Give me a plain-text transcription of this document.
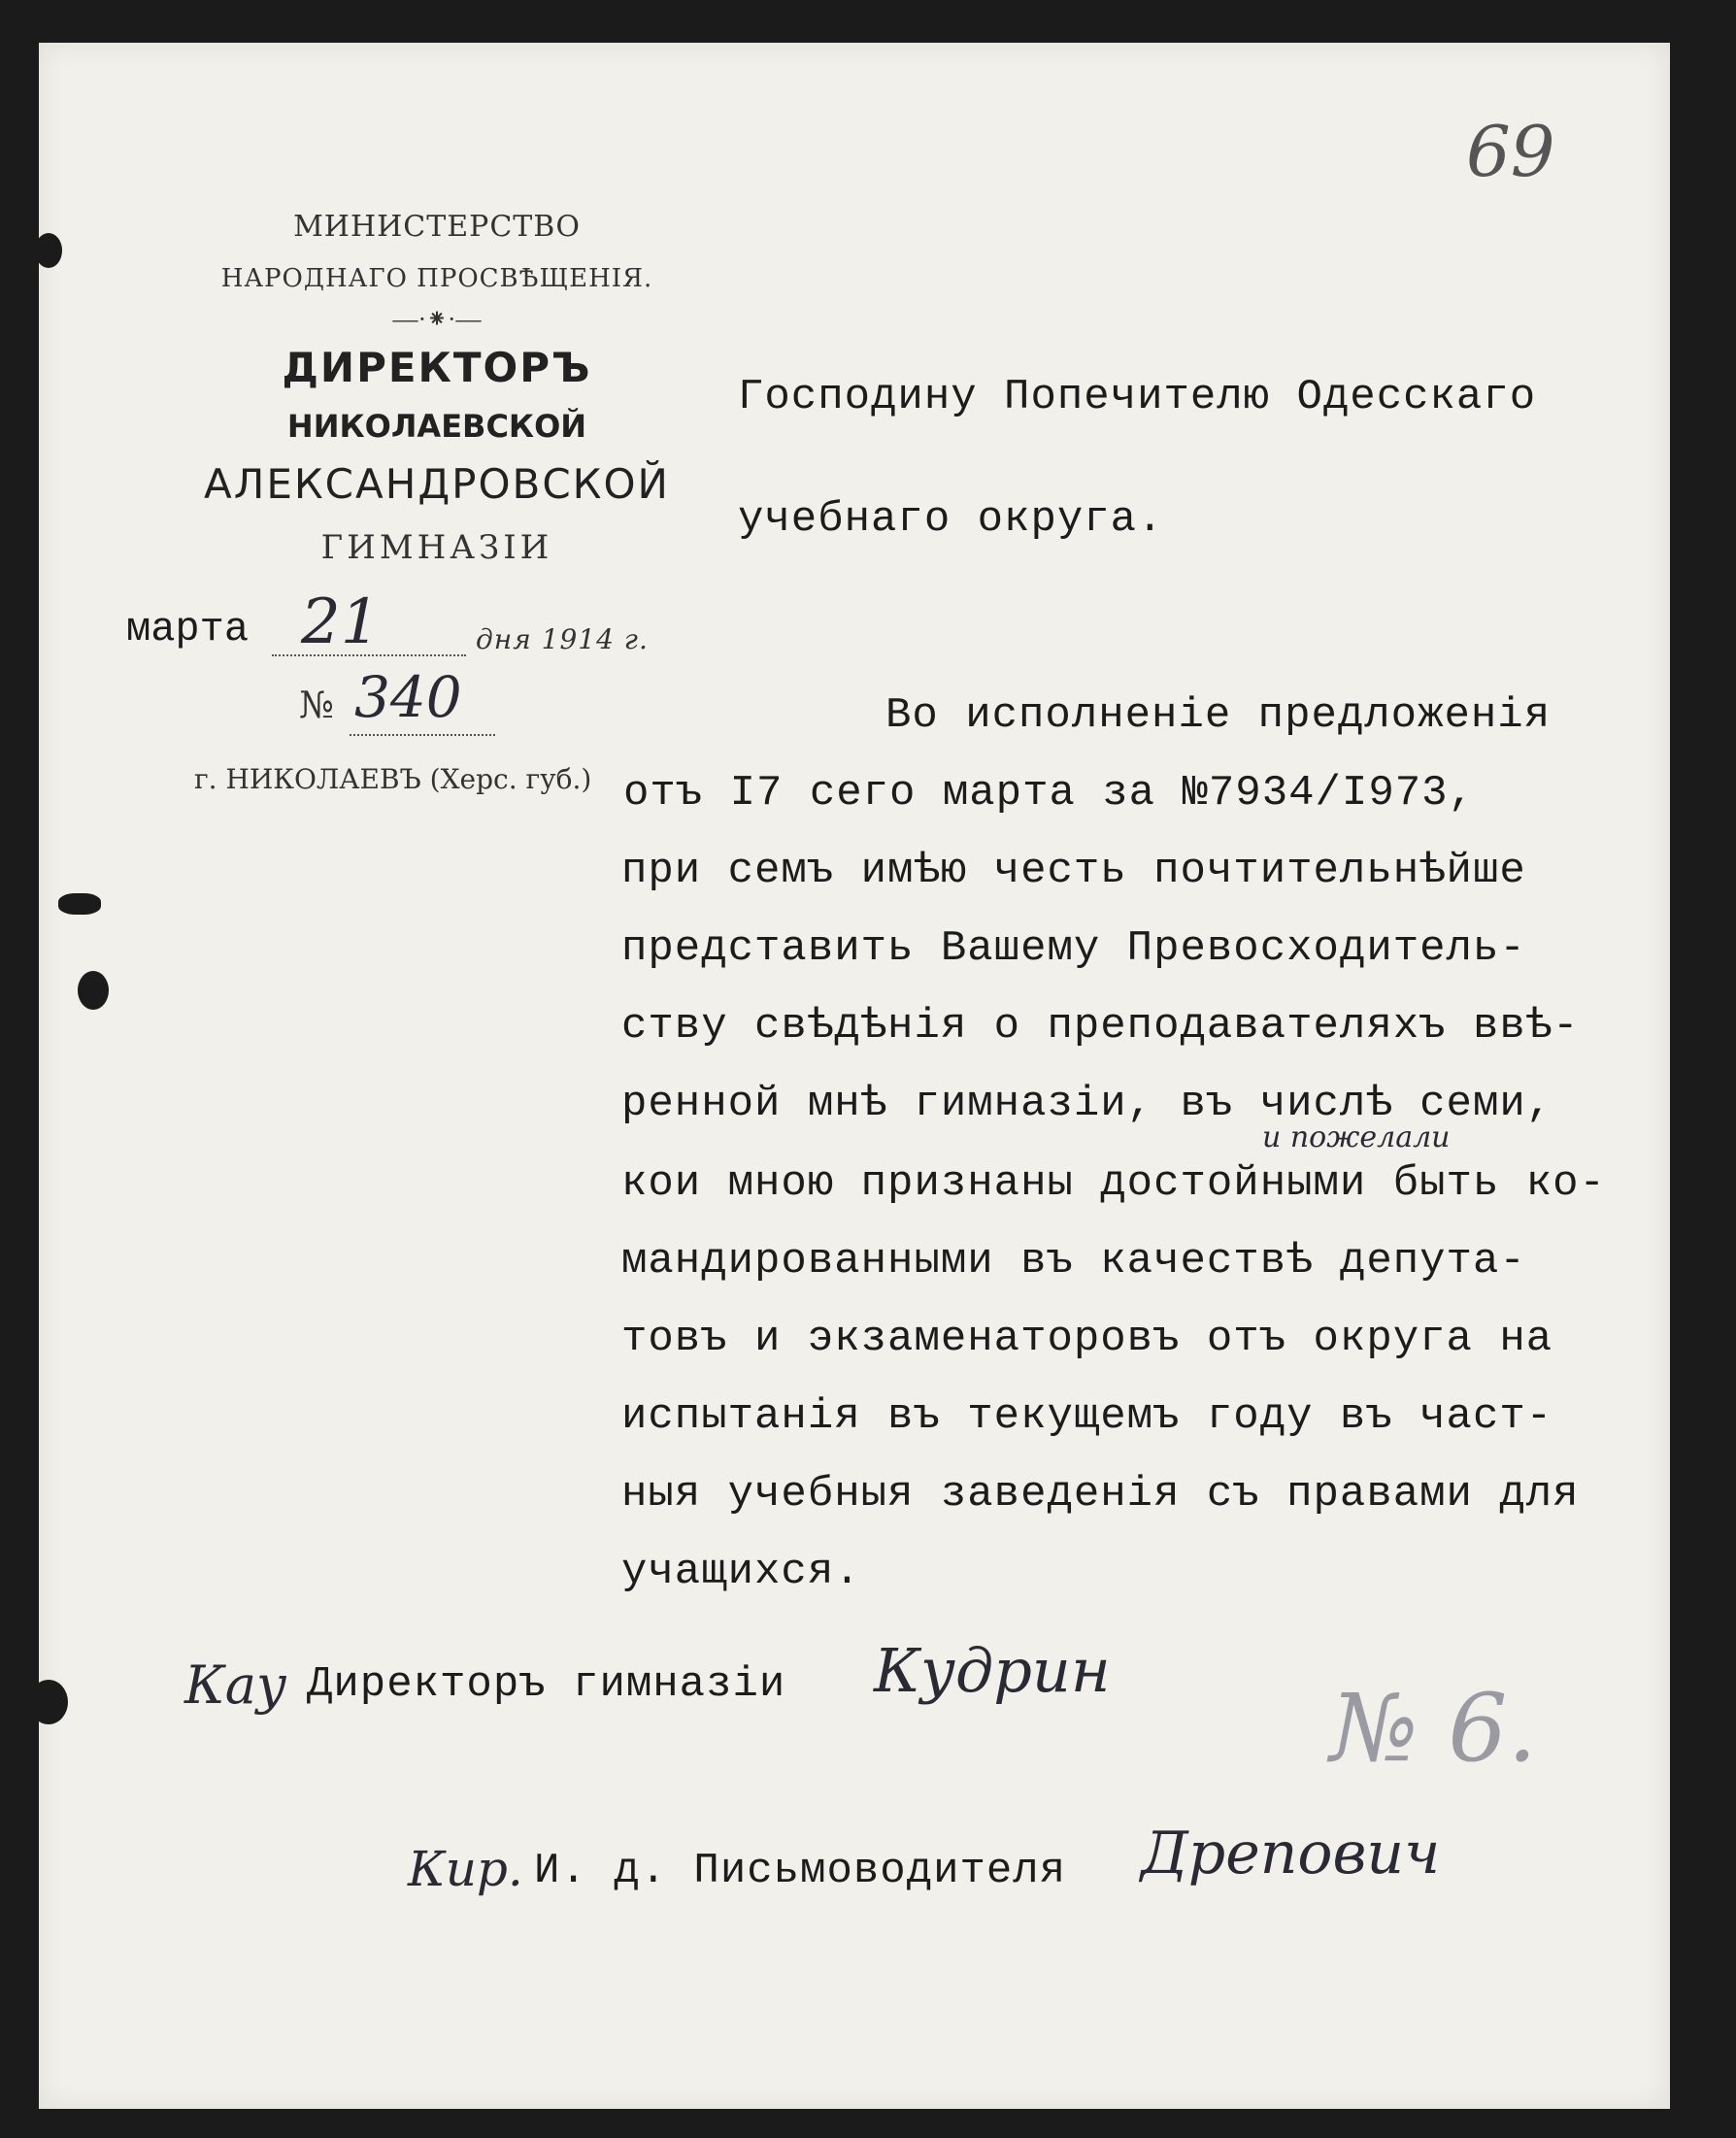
69
МИНИСТЕРСТВО
НАРОДНАГО ПРОСВѢЩЕНІЯ.
—·⁕·—
ДИРЕКТОРЪ
НИКОЛАЕВСКОЙ
АЛЕКСАНДРОВСКОЙ
ГИМНАЗІИ
марта 21	дня 1914 г.
№ 340
г. НИКОЛАЕВЪ (Херс. губ.)
Господину Попечителю Одесскаго
учебнаго округа.
Во исполненіе предложенія
отъ I7 сего марта за №7934/I973,
при семъ имѣю честь почтительнѣйше
представить Вашему Превосходитель-
ству свѣдѣнія о преподавателяхъ ввѣ-
ренной мнѣ гимназіи, въ числѣ семи,
и пожелали
кои мною признаны достойными быть ко-
мандированными въ качествѣ депута-
товъ и экзаменаторовъ отъ округа на
испытанія въ текущемъ году въ част-
ныя учебныя заведенія съ правами для
учащихся.
Кау Директоръ гимназіи Кудрин
№ 6.
Кир. И. д. Письмоводителя Дрепович
